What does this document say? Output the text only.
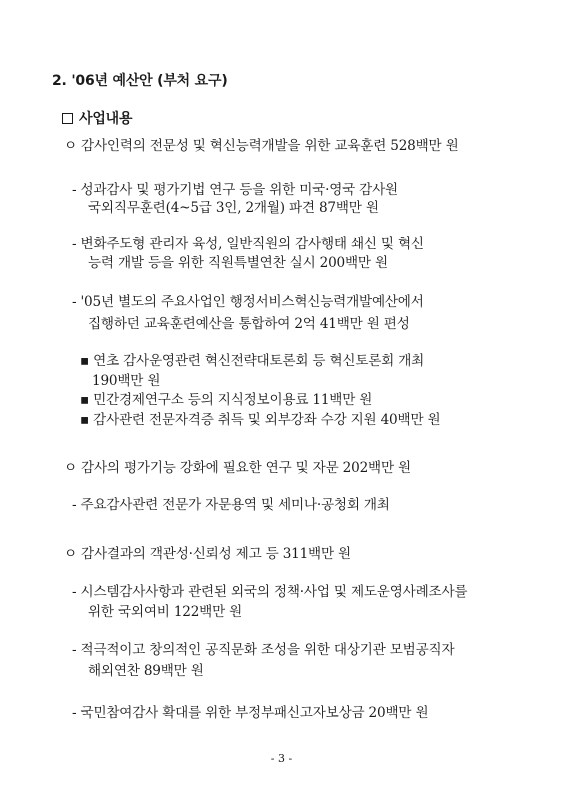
2. '06년 예산안 (부처 요구)
사업내용
ㅇ 감사인력의 전문성 및 혁신능력개발을 위한 교육훈련 528백만 원
- 성과감사 및 평가기법 연구 등을 위한 미국·영국 감사원
국외직무훈련(4~5급 3인, 2개월) 파견 87백만 원
- 변화주도형 관리자 육성, 일반직원의 감사행태 쇄신 및 혁신
능력 개발 등을 위한 직원특별연찬 실시 200백만 원
- '05년 별도의 주요사업인 행정서비스혁신능력개발예산에서
집행하던 교육훈련예산을 통합하여 2억 41백만 원 편성
▪ 연초 감사운영관련 혁신전략대토론회 등 혁신토론회 개최
190백만 원
▪ 민간경제연구소 등의 지식정보이용료 11백만 원
▪ 감사관련 전문자격증 취득 및 외부강좌 수강 지원 40백만 원
ㅇ 감사의 평가기능 강화에 필요한 연구 및 자문 202백만 원
- 주요감사관련 전문가 자문용역 및 세미나·공청회 개최
ㅇ 감사결과의 객관성·신뢰성 제고 등 311백만 원
- 시스템감사사항과 관련된 외국의 정책·사업 및 제도운영사례조사를
위한 국외여비 122백만 원
- 적극적이고 창의적인 공직문화 조성을 위한 대상기관 모범공직자
해외연찬 89백만 원
- 국민참여감사 확대를 위한 부정부패신고자보상금 20백만 원
- 3 -
